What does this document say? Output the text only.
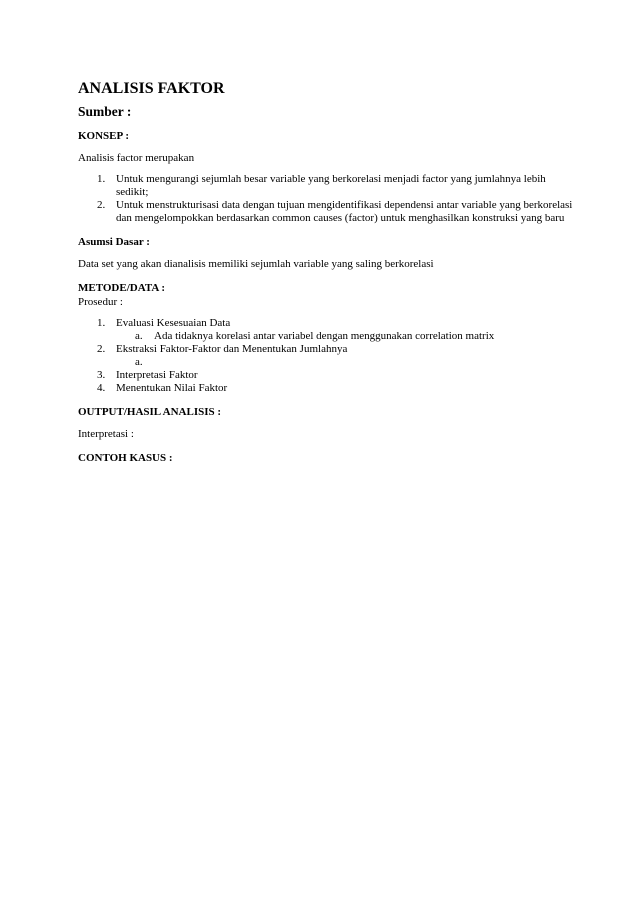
ANALISIS FAKTOR

Sumber :

KONSEP :

Analisis factor merupakan

1. Untuk mengurangi sejumlah besar variable yang berkorelasi menjadi factor yang jumlahnya lebih sedikit;
2. Untuk menstrukturisasi data dengan tujuan mengidentifikasi dependensi antar variable yang berkorelasi dan mengelompokkan berdasarkan common causes (factor) untuk menghasilkan konstruksi yang baru

Asumsi Dasar :

Data set yang akan dianalisis memiliki sejumlah variable yang saling berkorelasi

METODE/DATA :

Prosedur :

1. Evaluasi Kesesuaian Data
a. Ada tidaknya korelasi antar variabel dengan menggunakan correlation matrix
2. Ekstraksi Faktor-Faktor dan Menentukan Jumlahnya
a.

3. Interpretasi Faktor
4. Menentukan Nilai Faktor

OUTPUT/HASIL ANALISIS :

Interpretasi :

CONTOH KASUS :
